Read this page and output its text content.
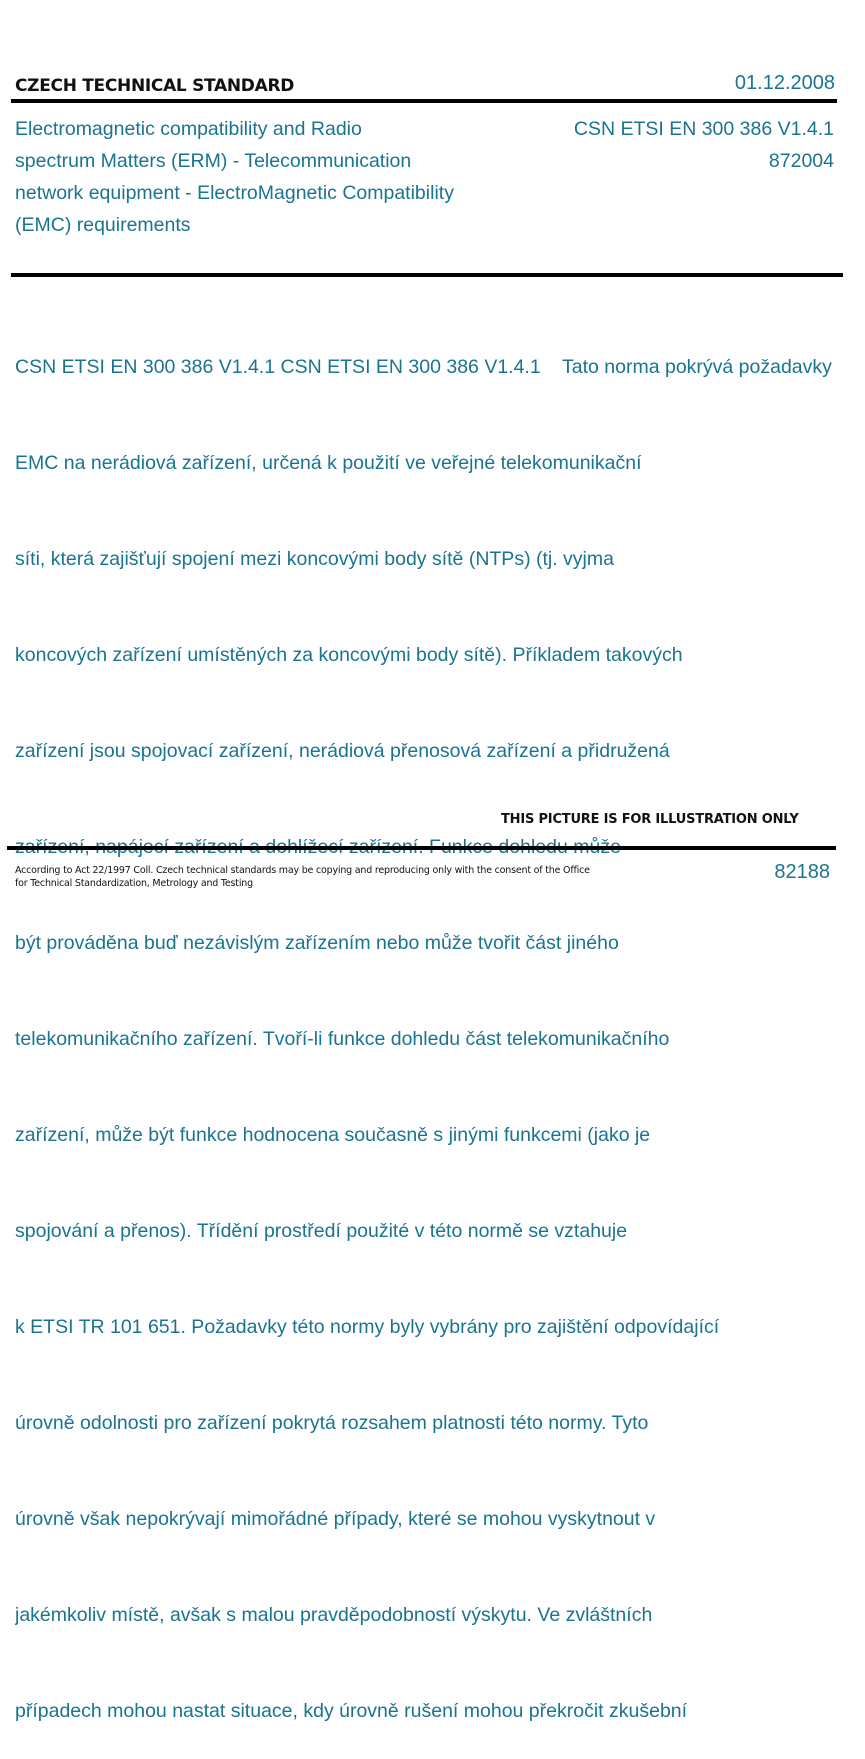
CZECH TECHNICAL STANDARD	01.12.2008
Electromagnetic compatibility and Radio
spectrum Matters (ERM) - Telecommunication
network equipment - ElectroMagnetic Compatibility
(EMC) requirements
CSN ETSI EN 300 386 V1.4.1
872004

CSN ETSI EN 300 386 V1.4.1 CSN ETSI EN 300 386 V1.4.1    Tato norma pokrývá požadavky

EMC na nerádiová zařízení, určená k použití ve veřejné telekomunikační

síti, která zajišťují spojení mezi koncovými body sítě (NTPs) (tj. vyjma

koncových zařízení umístěných za koncovými body sítě). Příkladem takových

zařízení jsou spojovací zařízení, nerádiová přenosová zařízení a přidružená

být prováděna buď nezávislým zařízením nebo může tvořit část jiného

telekomunikačního zařízení. Tvoří-li funkce dohledu část telekomunikačního

zařízení, může být funkce hodnocena současně s jinými funkcemi (jako je

spojování a přenos). Třídění prostředí použité v této normě se vztahuje

k ETSI TR 101 651. Požadavky této normy byly vybrány pro zajištění odpovídající

úrovně odolnosti pro zařízení pokrytá rozsahem platnosti této normy. Tyto

úrovně však nepokrývají mimořádné případy, které se mohou vyskytnout v

jakémkoliv místě, avšak s malou pravděpodobností výskytu. Ve zvláštních

případech mohou nastat situace, kdy úrovně rušení mohou překročit zkušební

THIS PICTURE IS FOR ILLUSTRATION ONLY
According to Act 22/1997 Coll. Czech technical standards may be copying and reproducing only with the consent of the Office
for Technical Standardization, Metrology and Testing
82188
